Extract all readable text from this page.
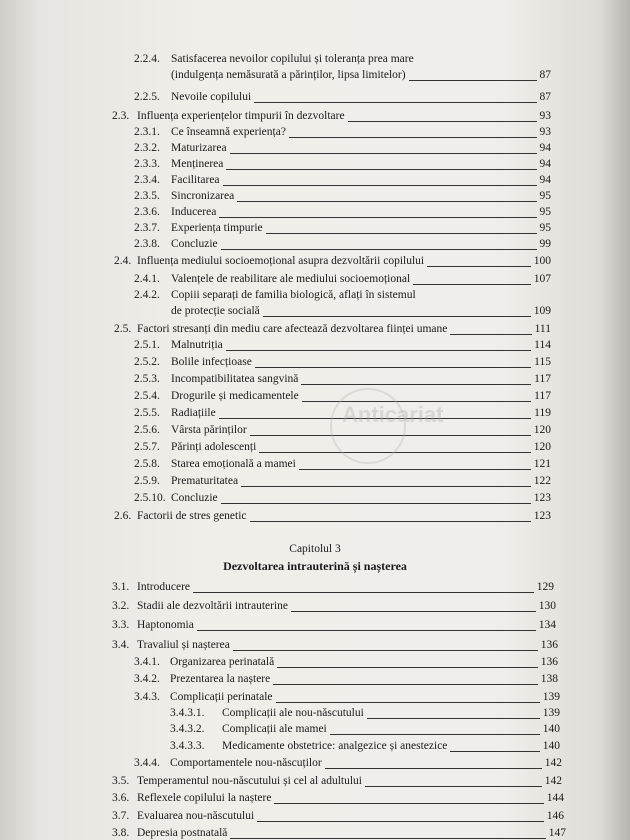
2.2.4. Satisfacerea nevoilor copilului și toleranța prea mare
(indulgența nemăsurată a părinților, lipsa limitelor)	87
2.2.5. Nevoile copilului	87
2.3. Influența experiențelor timpurii în dezvoltare	93
2.3.1. Ce înseamnă experiența?	93
2.3.2. Maturizarea	94
2.3.3. Menținerea	94
2.3.4. Facilitarea	94
2.3.5. Sincronizarea	95
2.3.6. Inducerea	95
2.3.7. Experiența timpurie	95
2.3.8. Concluzie	99
2.4. Influența mediului socioemoțional asupra dezvoltării copilului	100
2.4.1. Valențele de reabilitare ale mediului socioemoțional	107
2.4.2. Copiii separați de familia biologică, aflați în sistemul
de protecție socială	109
2.5. Factori stresanți din mediu care afectează dezvoltarea ființei umane	111
2.5.1. Malnutriția	114
2.5.2. Bolile infecțioase	115
2.5.3. Incompatibilitatea sangvină	117
2.5.4. Drogurile și medicamentele	117
2.5.5. Radiațiile	119
2.5.6. Vârsta părinților	120
2.5.7. Părinți adolescenți	120
2.5.8. Starea emoțională a mamei	121
2.5.9. Prematuritatea	122
2.5.10. Concluzie	123
2.6. Factorii de stres genetic	123
Capitolul 3
Dezvoltarea intrauterină și nașterea
3.1. Introducere	129
3.2. Stadii ale dezvoltării intrauterine	130
3.3. Haptonomia	134
3.4. Travaliul și nașterea	136
3.4.1. Organizarea perinatală	136
3.4.2. Prezentarea la naștere	138
3.4.3. Complicații perinatale	139
3.4.3.1.	Complicații ale nou-născutului	139
3.4.3.2.	Complicații ale mamei	140
3.4.3.3.	Medicamente obstetrice: analgezice și anestezice	140
3.4.4. Comportamentele nou-născuților	142
3.5. Temperamentul nou-născutului și cel al adultului	142
3.6. Reflexele copilului la naștere	144
3.7. Evaluarea nou-născutului	146
3.8. Depresia postnatală	147
Anticariat
